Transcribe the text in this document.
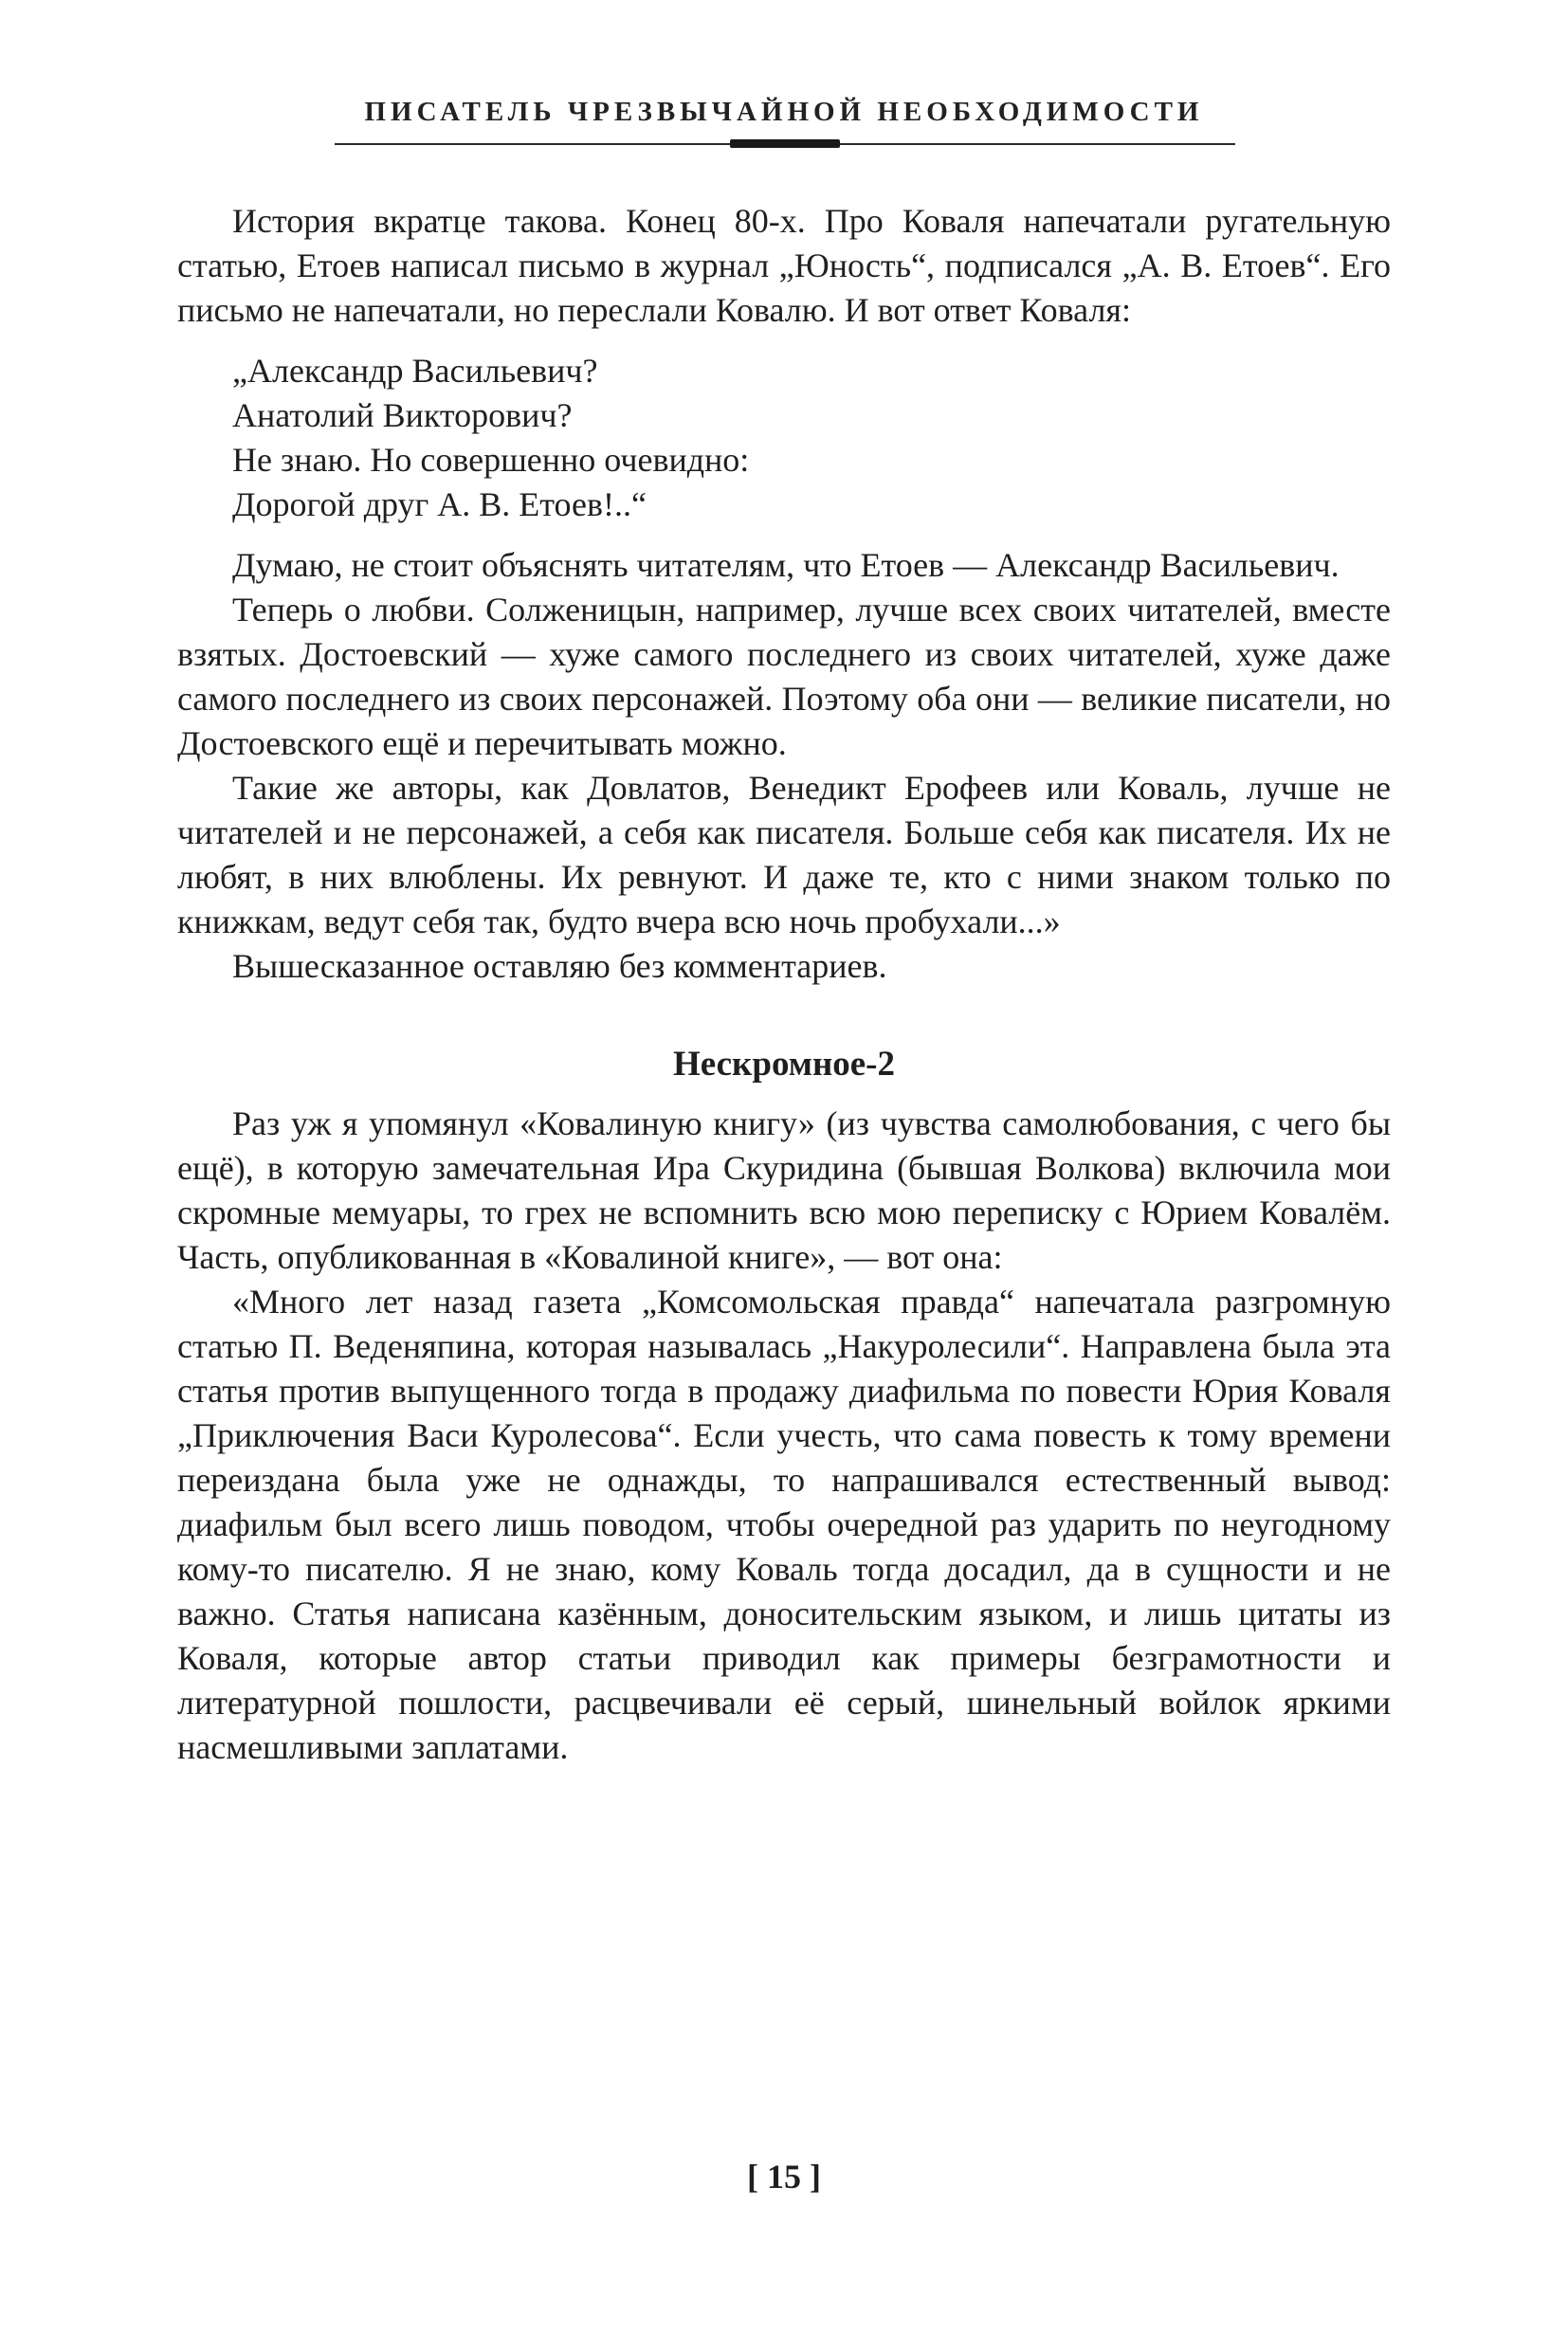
ПИСАТЕЛЬ ЧРЕЗВЫЧАЙНОЙ НЕОБХОДИМОСТИ

История вкратце такова. Конец 80-х. Про Коваля напечатали ругательную статью, Етоев написал письмо в журнал „Юность“, подписался „А. В. Етоев“. Его письмо не напечатали, но переслали Ковалю. И вот ответ Коваля:

„Александр Васильевич?
Анатолий Викторович?
Не знаю. Но совершенно очевидно:
Дорогой друг А. В. Етоев!..“

Думаю, не стоит объяснять читателям, что Етоев — Александр Васильевич.

Теперь о любви. Солженицын, например, лучше всех своих читателей, вместе взятых. Достоевский — хуже самого последнего из своих читателей, хуже даже самого последнего из своих персонажей. Поэтому оба они — великие писатели, но Достоевского ещё и перечитывать можно.

Такие же авторы, как Довлатов, Венедикт Ерофеев или Коваль, лучше не читателей и не персонажей, а себя как писателя. Больше себя как писателя. Их не любят, в них влюблены. Их ревнуют. И даже те, кто с ними знаком только по книжкам, ведут себя так, будто вчера всю ночь пробухали...»

Вышесказанное оставляю без комментариев.

Нескромное-2

Раз уж я упомянул «Ковалиную книгу» (из чувства самолюбования, с чего бы ещё), в которую замечательная Ира Скуридина (бывшая Волкова) включила мои скромные мемуары, то грех не вспомнить всю мою переписку с Юрием Ковалём. Часть, опубликованная в «Ковалиной книге», — вот она:

«Много лет назад газета „Комсомольская правда“ напечатала разгромную статью П. Веденяпина, которая называлась „Накуролесили“. Направлена была эта статья против выпущенного тогда в продажу диафильма по повести Юрия Коваля „Приключения Васи Куролесова“. Если учесть, что сама повесть к тому времени переиздана была уже не однажды, то напрашивался естественный вывод: диафильм был всего лишь поводом, чтобы очередной раз ударить по неугодному кому-то писателю. Я не знаю, кому Коваль тогда досадил, да в сущности и не важно. Статья написана казённым, доносительским языком, и лишь цитаты из Коваля, которые автор статьи приводил как примеры безграмотности и литературной пошлости, расцвечивали её серый, шинельный войлок яркими насмешливыми заплатами.

[ 15 ]
